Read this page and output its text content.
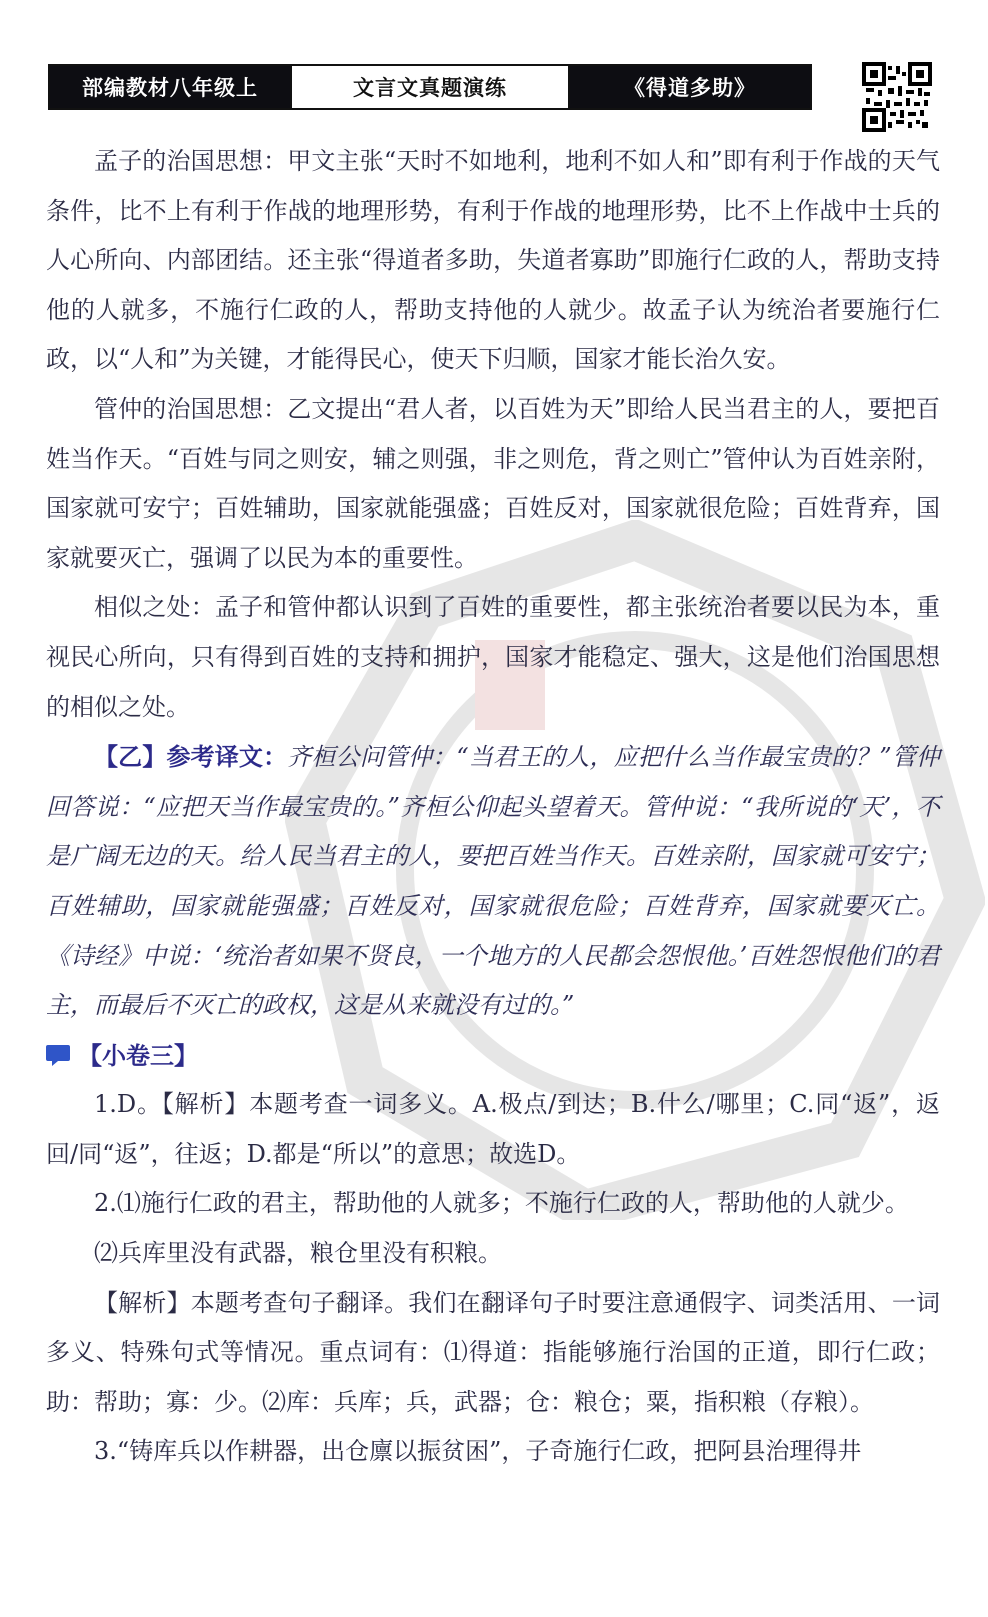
部编教材八年级上	文言文真题演练	《得道多助》

孟子的治国思想：甲文主张“天时不如地利，地利不如人和”即有利于作战的天气条件，比不上有利于作战的地理形势，有利于作战的地理形势，比不上作战中士兵的人心所向、内部团结。还主张“得道者多助，失道者寡助”即施行仁政的人，帮助支持他的人就多，不施行仁政的人，帮助支持他的人就少。故孟子认为统治者要施行仁政，以“人和”为关键，才能得民心，使天下归顺，国家才能长治久安。

管仲的治国思想：乙文提出“君人者，以百姓为天”即给人民当君主的人，要把百姓当作天。“百姓与同之则安，辅之则强，非之则危，背之则亡”管仲认为百姓亲附，国家就可安宁；百姓辅助，国家就能强盛；百姓反对，国家就很危险；百姓背弃，国家就要灭亡，强调了以民为本的重要性。

相似之处：孟子和管仲都认识到了百姓的重要性，都主张统治者要以民为本，重视民心所向，只有得到百姓的支持和拥护，国家才能稳定、强大，这是他们治国思想的相似之处。

【乙】参考译文：齐桓公问管仲：“当君王的人，应把什么当作最宝贵的？”管仲回答说：“应把天当作最宝贵的。”齐桓公仰起头望着天。管仲说：“我所说的‘天’，不是广阔无边的天。给人民当君主的人，要把百姓当作天。百姓亲附，国家就可安宁；百姓辅助，国家就能强盛；百姓反对，国家就很危险；百姓背弃，国家就要灭亡。《诗经》中说：‘统治者如果不贤良，一个地方的人民都会怨恨他。’百姓怨恨他们的君主，而最后不灭亡的政权，这是从来就没有过的。”

【小卷三】

1.D。【解析】本题考查一词多义。A.极点/到达；B.什么/哪里；C.同“返”，返回/同“返”，往返；D.都是“所以”的意思；故选D。

2.⑴施行仁政的君主，帮助他的人就多；不施行仁政的人，帮助他的人就少。

⑵兵库里没有武器，粮仓里没有积粮。

【解析】本题考查句子翻译。我们在翻译句子时要注意通假字、词类活用、一词多义、特殊句式等情况。重点词有：⑴得道：指能够施行治国的正道，即行仁政；助：帮助；寡：少。⑵库：兵库；兵，武器；仓：粮仓；粟，指积粮（存粮）。

3.“铸库兵以作耕器，出仓廪以振贫困”，子奇施行仁政，把阿县治理得井
